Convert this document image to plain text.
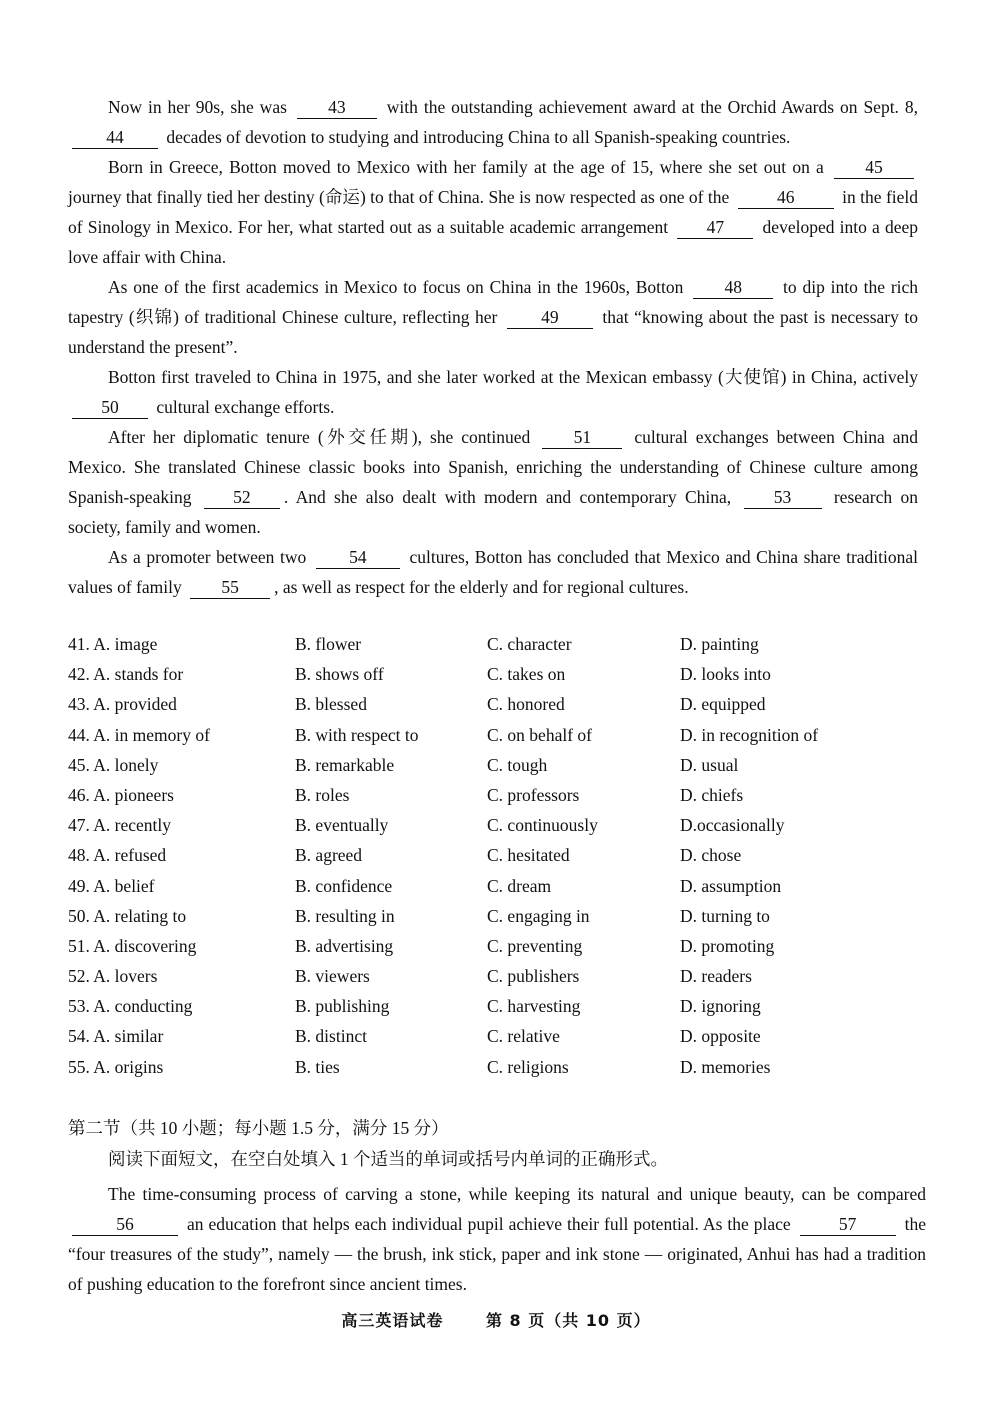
Now in her 90s, she was 43 with the outstanding achievement award at the Orchid Awards on Sept. 8, 44 decades of devotion to studying and introducing China to all Spanish-speaking countries.

Born in Greece, Botton moved to Mexico with her family at the age of 15, where she set out on a 45 journey that finally tied her destiny (命运) to that of China. She is now respected as one of the	46	in the field of Sinology in Mexico. For her, what started out as a suitable academic arrangement 47 developed into a deep love affair with China.

As one of the first academics in Mexico to focus on China in the 1960s, Botton 48 to dip into the rich tapestry (织锦) of traditional Chinese culture, reflecting her	49	that “knowing about the past is necessary to understand the present”.

Botton first traveled to China in 1975, and she later worked at the Mexican embassy (大使馆) in China, actively 50 cultural exchange efforts.

After her diplomatic tenure (外交任期), she continued 51 cultural exchanges between China and Mexico. She translated Chinese classic books into Spanish, enriching the understanding of Chinese culture among Spanish-speaking 52 . And she also dealt with modern and contemporary China, 53 research on society, family and women.

As a promoter between two 54 cultures, Botton has concluded that Mexico and China share traditional values of family 55 , as well as respect for the elderly and for regional cultures.

41. A. image	B. flower	C. character	D. painting
42. A. stands for	B. shows off	C. takes on	D. looks into
43. A. provided	B. blessed	C. honored	D. equipped
44. A. in memory of	B. with respect to	C. on behalf of	D. in recognition of
45. A. lonely	B. remarkable	C. tough	D. usual
46. A. pioneers	B. roles	C. professors	D. chiefs
47. A. recently	B. eventually	C. continuously	D.occasionally
48. A. refused	B. agreed	C. hesitated	D. chose
49. A. belief	B. confidence	C. dream	D. assumption
50. A. relating to	B. resulting in	C. engaging in	D. turning to
51. A. discovering	B. advertising	C. preventing	D. promoting
52. A. lovers	B. viewers	C. publishers	D. readers
53. A. conducting	B. publishing	C. harvesting	D. ignoring
54. A. similar	B. distinct	C. relative	D. opposite
55. A. origins	B. ties	C. religions	D. memories

第二节（共 10 小题；每小题 1.5 分，满分 15 分）

阅读下面短文，在空白处填入 1 个适当的单词或括号内单词的正确形式。

The time-consuming process of carving a stone, while keeping its natural and unique beauty, can be compared 56	an education that helps each individual pupil achieve their full potential. As the place	57	the “four treasures of the study”, namely — the brush, ink stick, paper and ink stone — originated, Anhui has had a tradition of pushing education to the forefront since ancient times.

高三英语试卷	第 8 页（共 10 页）
